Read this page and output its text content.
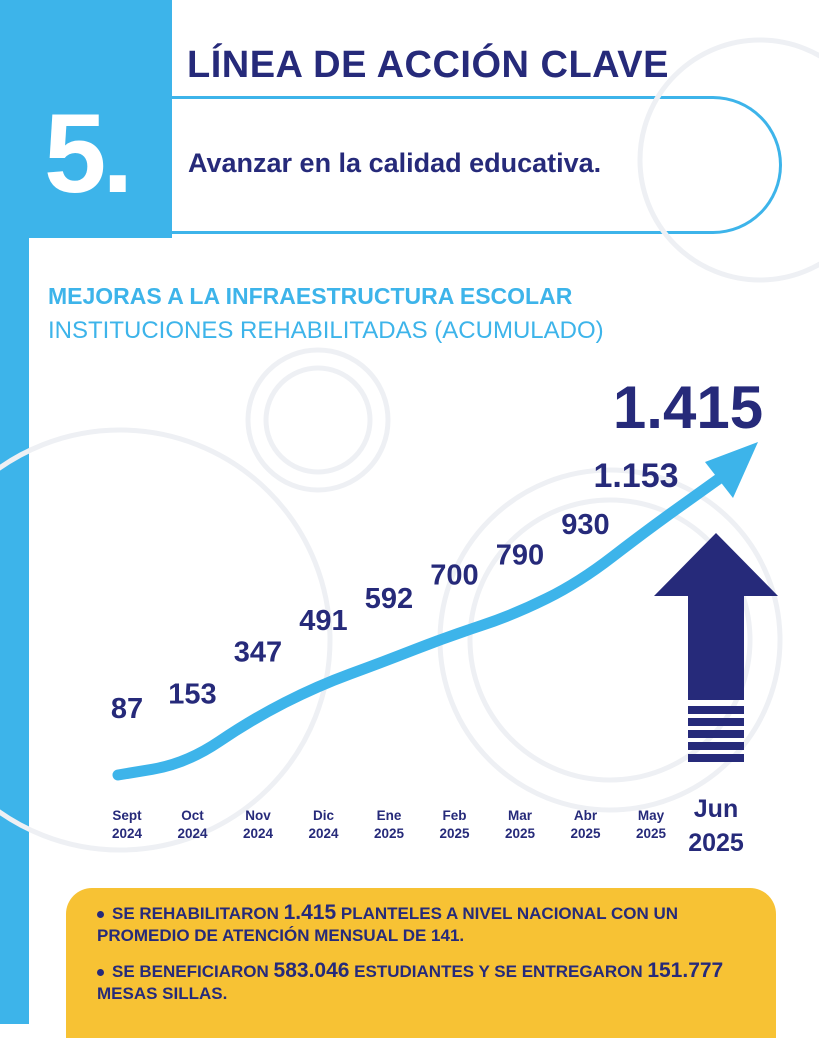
5.
LÍNEA DE ACCIÓN CLAVE
Avanzar en la calidad educativa.
MEJORAS A LA INFRAESTRUCTURA ESCOLAR
INSTITUCIONES REHABILITADAS (ACUMULADO)
87 153
347
491
592
700
790
930
1.153
1.415
Sept
2024
Oct
2024
Nov
2024
Dic
2024
Ene
2025
Feb
2025
Mar
2025
Abr
2025
May
2025
Jun
2025
SE REHABILITARON 1.415 PLANTELES A NIVEL NACIONAL CON UN PROMEDIO DE ATENCIÓN MENSUAL DE 141.
SE BENEFICIARON 583.046 ESTUDIANTES Y SE ENTREGARON 151.777 MESAS SILLAS.
